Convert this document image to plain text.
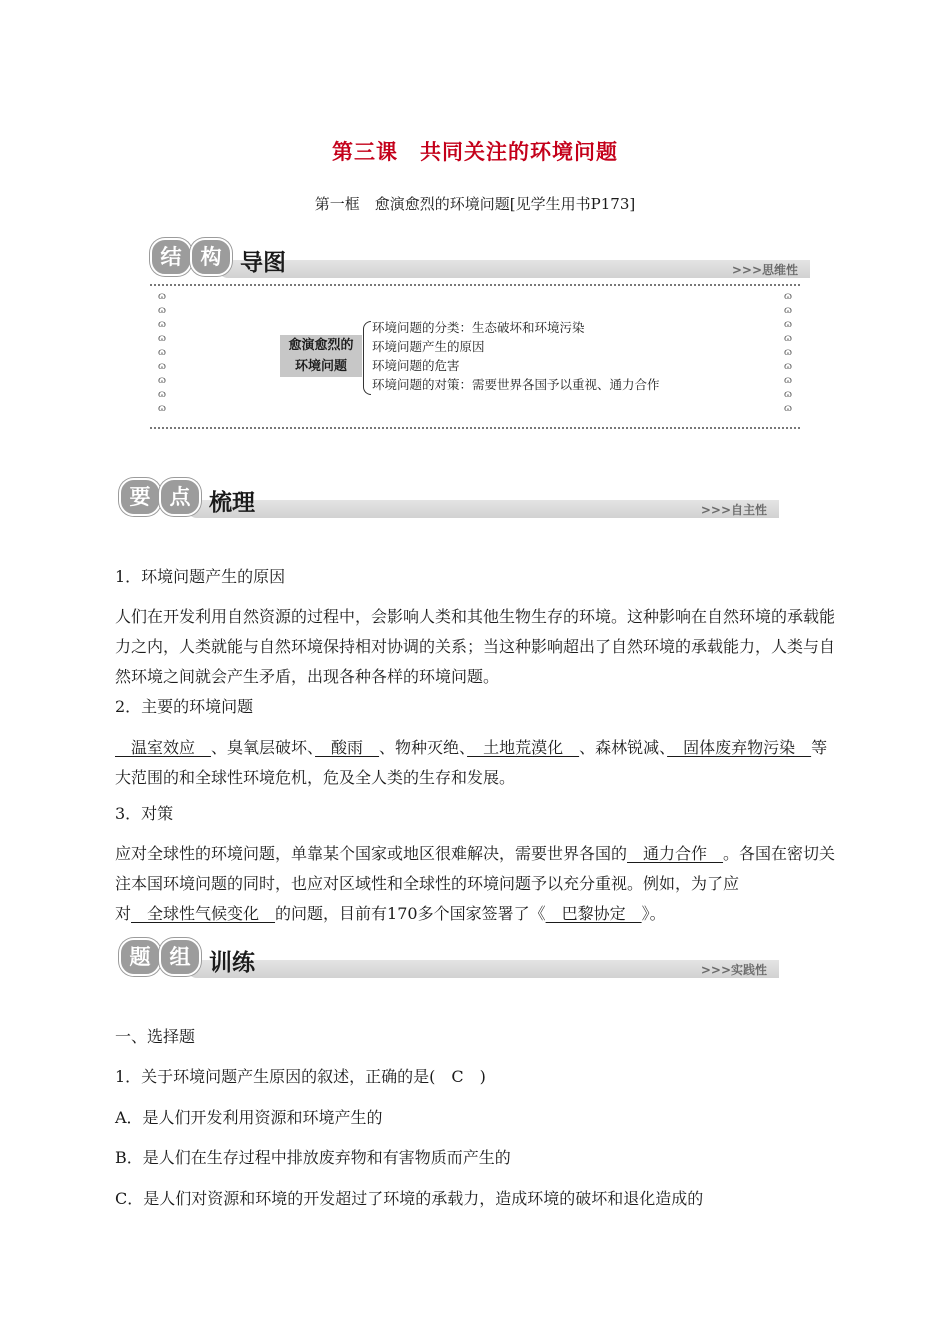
第三课　共同关注的环境问题
第一框　愈演愈烈的环境问题[见学生用书P173]
>>>思维性
结 构 导图
ɷ ɷ ɷ ɷ ɷ ɷ ɷ ɷ ɷ
ɷ ɷ ɷ ɷ ɷ ɷ ɷ ɷ ɷ
愈演愈烈的
环境问题
环境问题的分类：生态破坏和环境污染
环境问题产生的原因
环境问题的危害
环境问题的对策：需要世界各国予以重视、通力合作
>>>自主性
要 点 梳理
1．环境问题产生的原因
人们在开发利用自然资源的过程中，会影响人类和其他生物生存的环境。这种影响在自然环境的承载能力之内，人类就能与自然环境保持相对协调的关系；当这种影响超出了自然环境的承载能力，人类与自然环境之间就会产生矛盾，出现各种各样的环境问题。
2．主要的环境问题
　温室效应　、臭氧层破坏、　酸雨　、物种灭绝、　土地荒漠化　、森林锐减、　固体废弃物污染　等大范围的和全球性环境危机，危及全人类的生存和发展。
3．对策
应对全球性的环境问题，单靠某个国家或地区很难解决，需要世界各国的　通力合作　。各国在密切关注本国环境问题的同时，也应对区域性和全球性的环境问题予以充分重视。例如，为了应对　全球性气候变化　的问题，目前有170多个国家签署了《　巴黎协定　》。
>>>实践性
题 组 训练
一、选择题
1．关于环境问题产生原因的叙述，正确的是(　C　)
A．是人们开发利用资源和环境产生的
B．是人们在生存过程中排放废弃物和有害物质而产生的
C．是人们对资源和环境的开发超过了环境的承载力，造成环境的破坏和退化造成的
